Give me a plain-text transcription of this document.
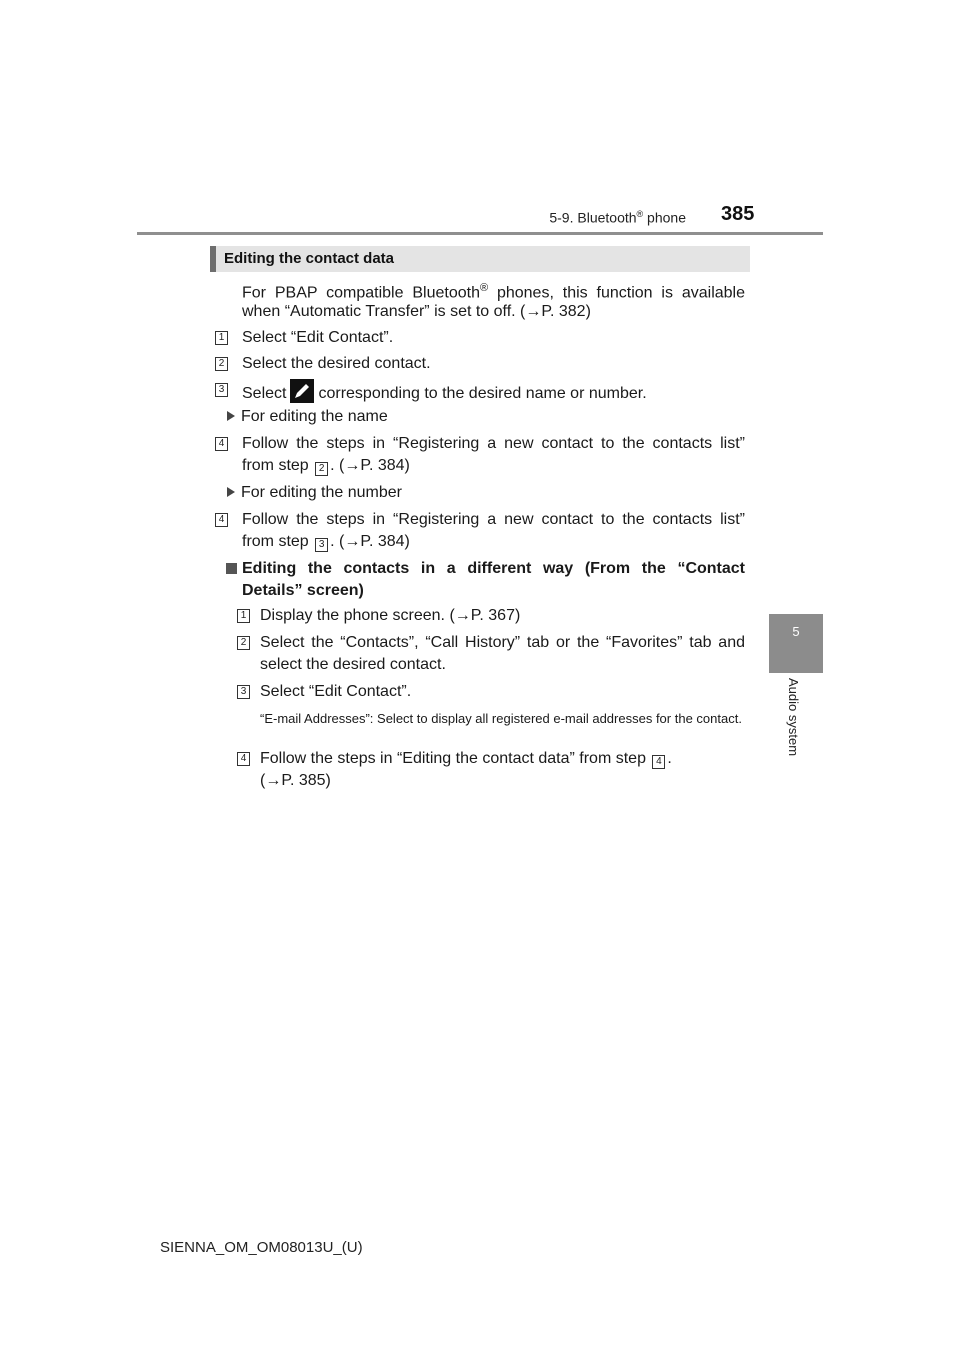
5-9. Bluetooth® phone 385
5
Audio system
Editing the contact data
For PBAP compatible Bluetooth® phones, this function is available
when “Automatic Transfer” is set to off. (→P. 382)
1 Select “Edit Contact”.
2 Select the desired contact.
3 Select corresponding to the desired name or number.
For editing the name
4 Follow the steps in “Registering a new contact to the contacts list”
from step 2 . (→P. 384)
For editing the number
4 Follow the steps in “Registering a new contact to the contacts list”
from step 3 . (→P. 384)
Editing the contacts in a different way (From the “Contact
Details” screen)
1 Display the phone screen. (→P. 367)
2 Select the “Contacts”, “Call History” tab or the “Favorites” tab and
select the desired contact.
3 Select “Edit Contact”.
“E-mail Addresses”: Select to display all registered e-mail addresses for the contact.
4 Follow the steps in “Editing the contact data” from step 4 .
(→P. 385)
SIENNA_OM_OM08013U_(U)
